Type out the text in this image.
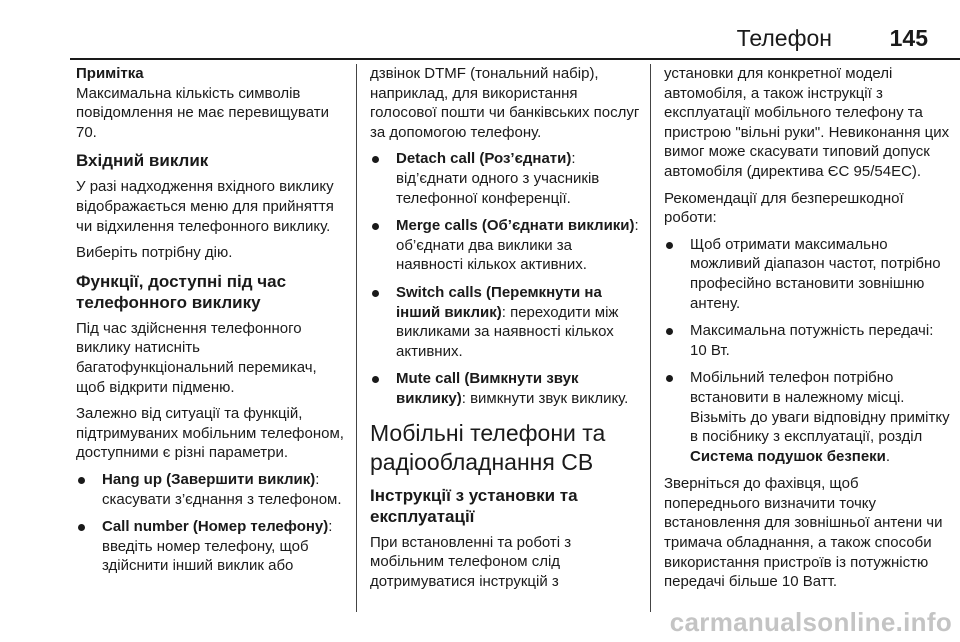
Телефон	145

Примітка

Максимальна кількість символів повідомлення не має перевищувати 70.

Вхідний виклик

У разі надходження вхідного виклику відображається меню для прийняття чи відхилення телефонного виклику.

Виберіть потрібну дію.

Функції, доступні під час телефонного виклику

Під час здійснення телефонного виклику натисніть багатофункціональний перемикач, щоб відкрити підменю.

Залежно від ситуації та функцій, підтримуваних мобільним телефоном, доступними є різні параметри.

Hang up (Завершити виклик): скасувати з’єднання з телефоном.
Call number (Номер телефону): введіть номер телефону, щоб здійснити інший виклик або

дзвінок DTMF (тональний набір), наприклад, для використання голосової пошти чи банківських послуг за допомогою телефону.

Detach call (Роз’єднати): від’єднати одного з учасників телефонної конференції.
Merge calls (Об’єднати виклики): об’єднати два виклики за наявності кількох активних.
Switch calls (Перемкнути на інший виклик): переходити між викликами за наявності кількох активних.
Mute call (Вимкнути звук виклику): вимкнути звук виклику.
Мобільні телефони та радіообладнання СВ
Інструкції з установки та експлуатації

При встановленні та роботі з мобільним телефоном слід дотримуватися інструкцій з

установки для конкретної моделі автомобіля, а також інструкції з експлуатації мобільного телефону та пристрою "вільні руки". Невиконання цих вимог може скасувати типовий допуск автомобіля (директива ЄС 95/54ЕС).

Рекомендації для безперешкодної роботи:

Щоб отримати максимально можливий діапазон частот, потрібно професійно встановити зовнішню антену.
Максимальна потужність передачі: 10 Вт.
Мобільний телефон потрібно встановити в належному місці. Візьміть до уваги відповідну примітку в посібнику з експлуатації, розділ Система подушок безпеки.

Зверніться до фахівця, щоб попереднього визначити точку встановлення для зовнішньої антени чи тримача обладнання, а також способи використання пристроїв із потужністю передачі більше 10 Ватт.

carmanualsonline.info
